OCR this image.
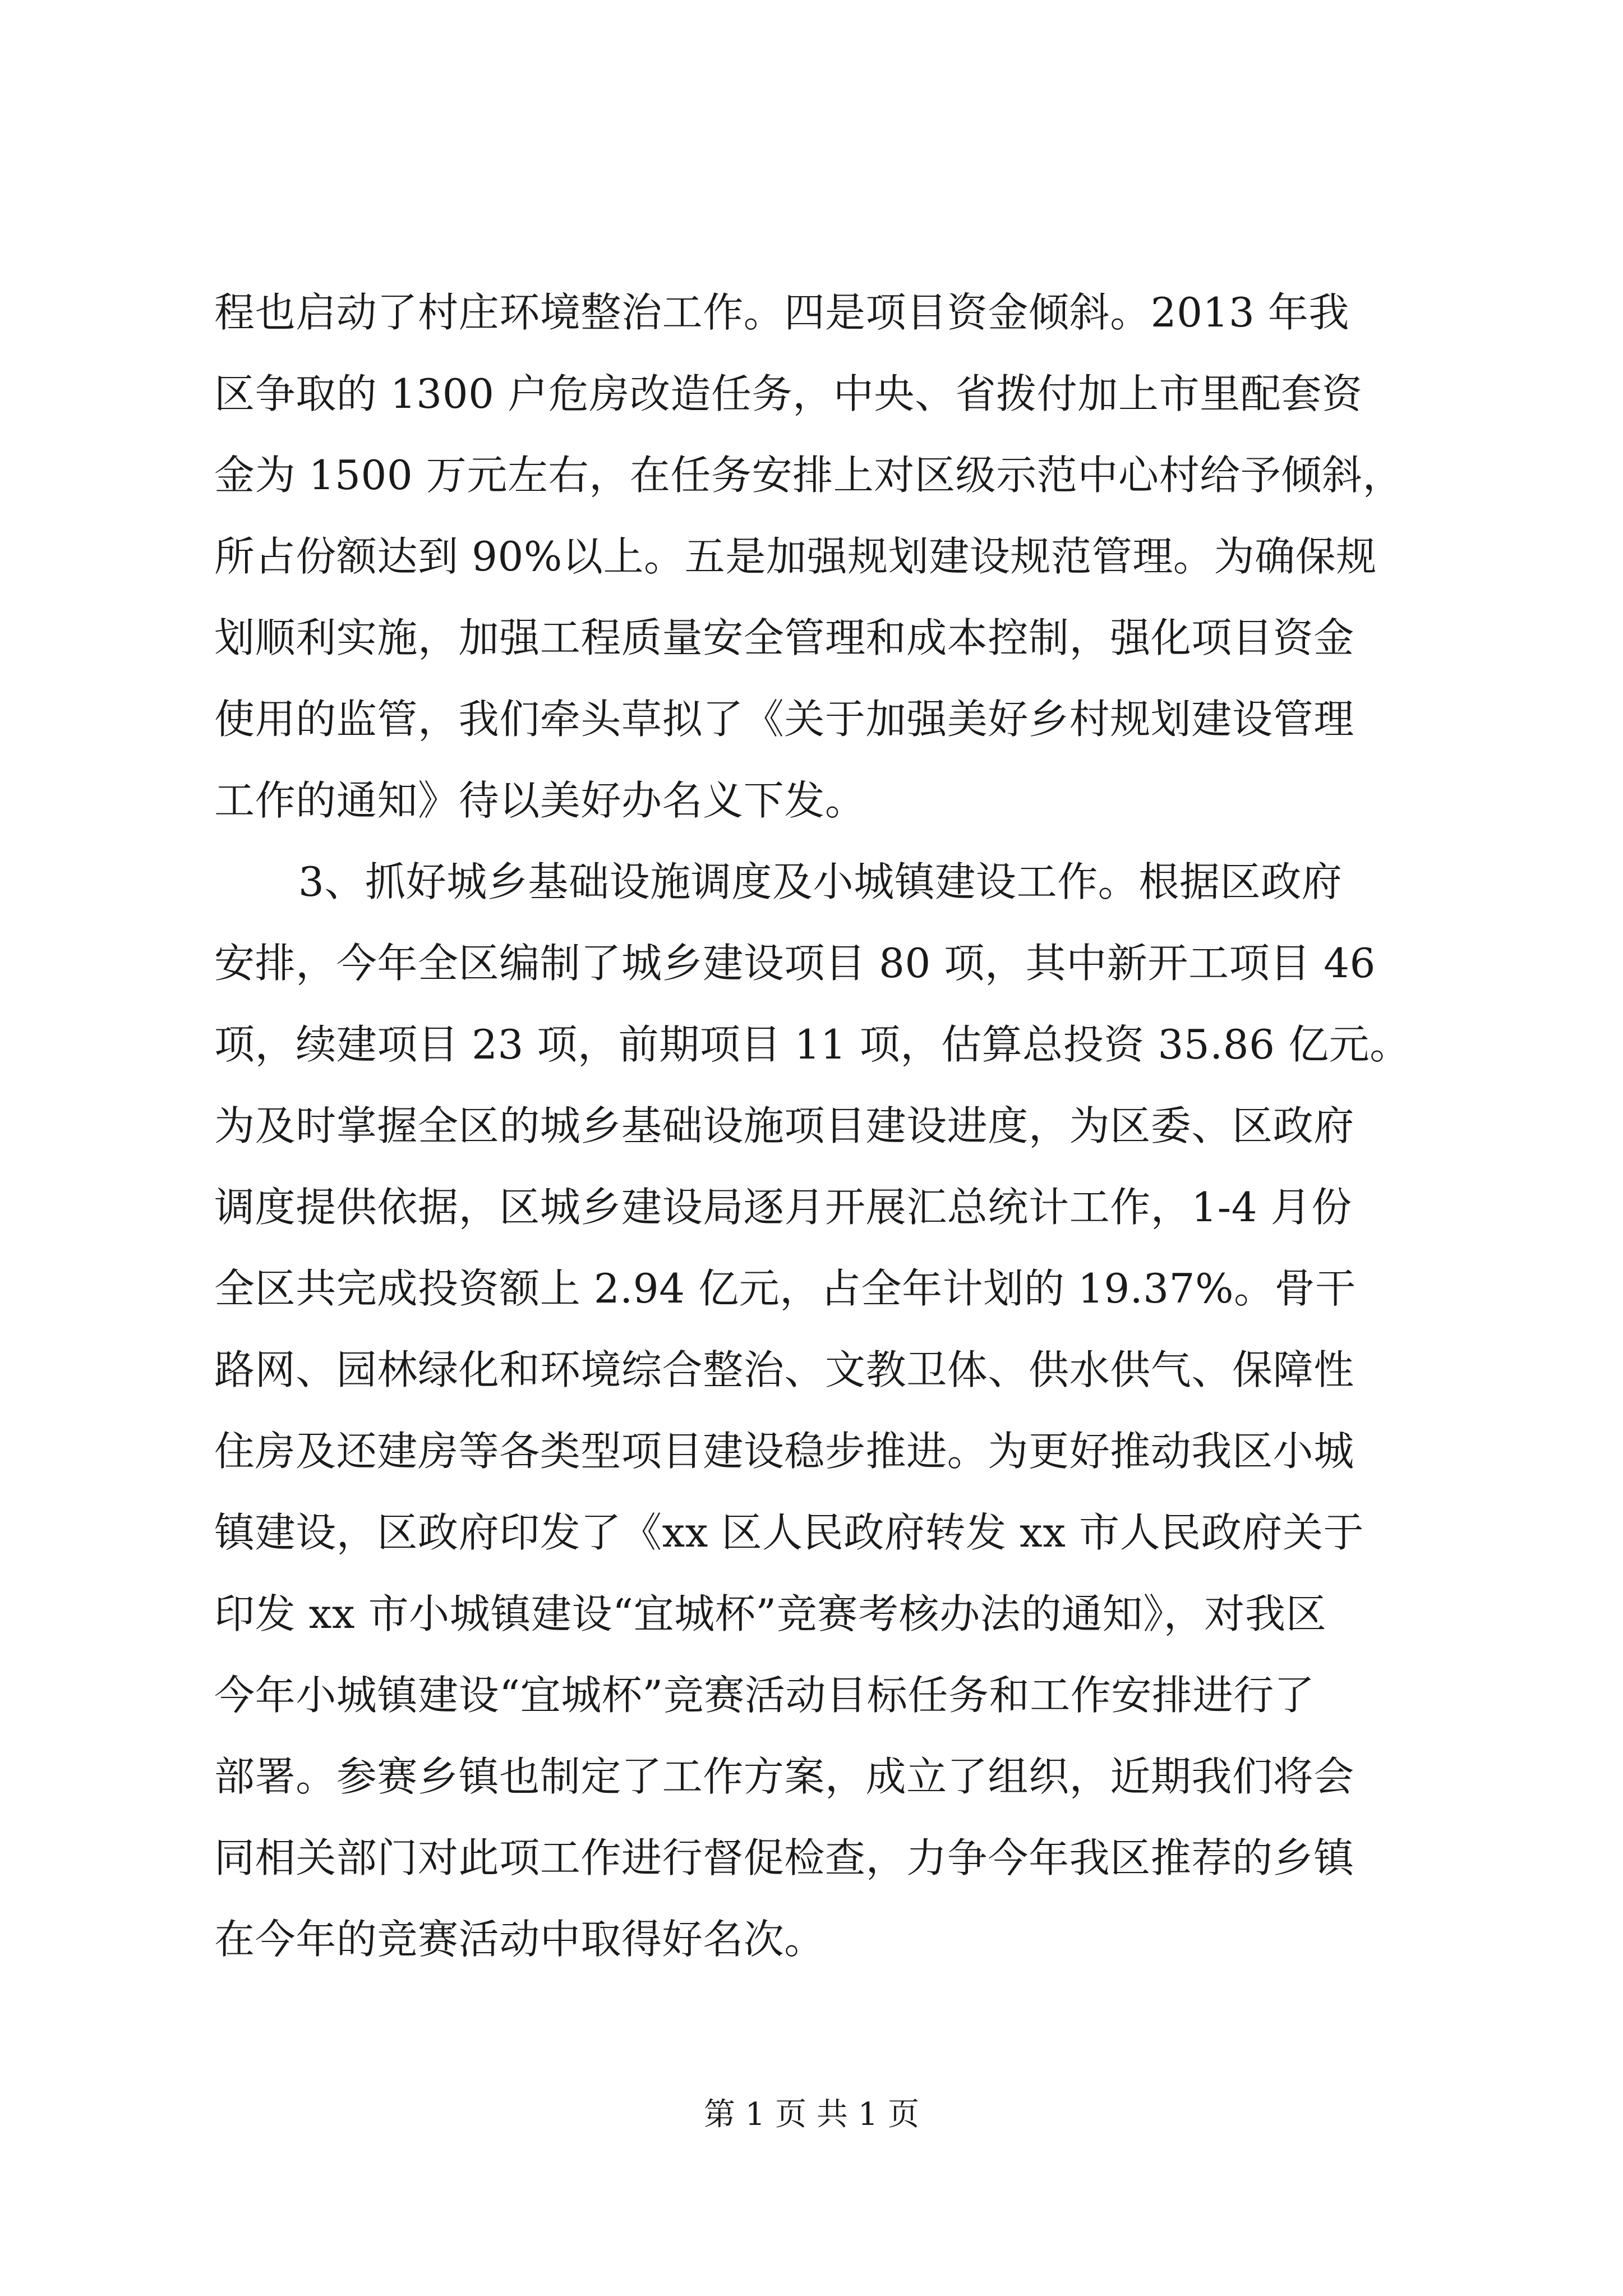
程也启动了村庄环境整治工作。四是项目资金倾斜。2013 年我
区争取的 1300 户危房改造任务，中央、省拨付加上市里配套资
金为 1500 万元左右，在任务安排上对区级示范中心村给予倾斜，
所占份额达到 90%以上。五是加强规划建设规范管理。为确保规
划顺利实施，加强工程质量安全管理和成本控制，强化项目资金
使用的监管，我们牵头草拟了《关于加强美好乡村规划建设管理
工作的通知》待以美好办名义下发。
3、抓好城乡基础设施调度及小城镇建设工作。根据区政府
安排，今年全区编制了城乡建设项目 80 项，其中新开工项目 46
项，续建项目 23 项，前期项目 11 项，估算总投资 35.86 亿元。
为及时掌握全区的城乡基础设施项目建设进度，为区委、区政府
调度提供依据，区城乡建设局逐月开展汇总统计工作，1-4 月份
全区共完成投资额上 2.94 亿元，占全年计划的 19.37%。骨干
路网、园林绿化和环境综合整治、文教卫体、供水供气、保障性
住房及还建房等各类型项目建设稳步推进。为更好推动我区小城
镇建设，区政府印发了《xx 区人民政府转发 xx 市人民政府关于
印发 xx 市小城镇建设“宜城杯”竞赛考核办法的通知》，对我区
今年小城镇建设“宜城杯”竞赛活动目标任务和工作安排进行了
部署。参赛乡镇也制定了工作方案，成立了组织，近期我们将会
同相关部门对此项工作进行督促检查，力争今年我区推荐的乡镇
在今年的竞赛活动中取得好名次。
第 1 页 共 1 页
